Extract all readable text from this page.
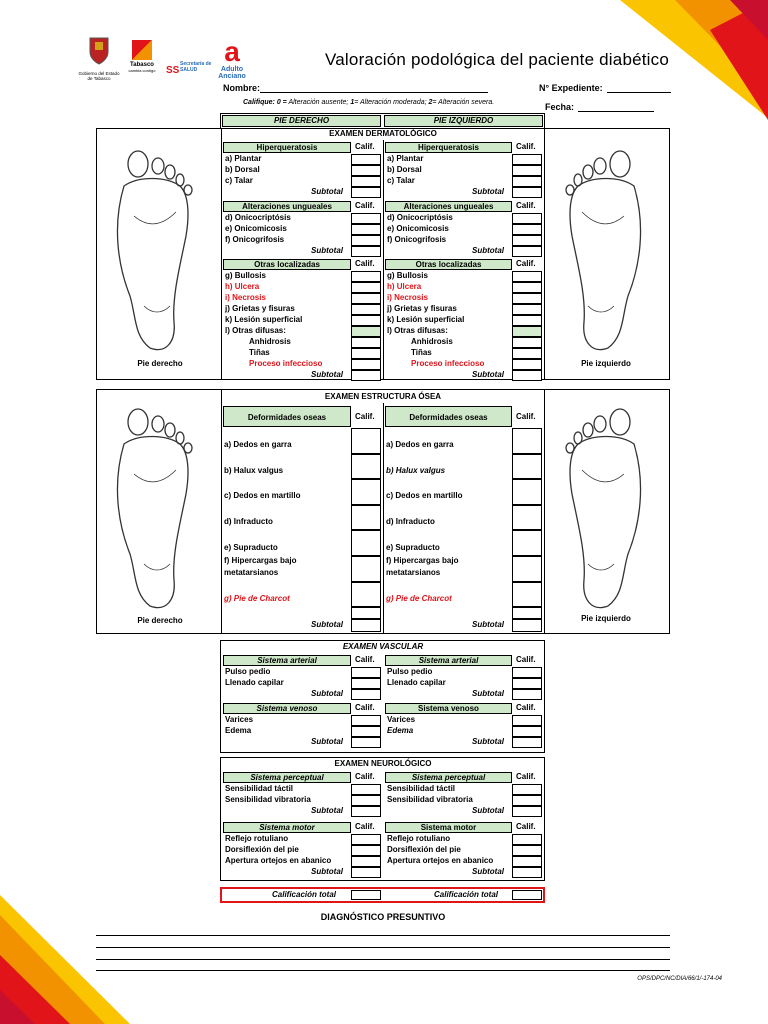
Gobierno del Estado de Tabasco
Tabasco
cambia contigo	SS
Secretaría de SALUD
a
Adulto
Anciano
Valoración podológica del paciente diabético
Nombre:	N° Expediente:
Fecha:
Califique: 0 = Alteración ausente; 1= Alteración moderada; 2= Alteración severa.
PIE DERECHO	PIE IZQUIERDO
EXAMEN DERMATOLÓGICO
Pie derecho	Pie izquierdo
Hiperqueratosis	Calif.
a) Plantar
b) Dorsal
c) Talar
Subtotal
Alteraciones ungueales	Calif.
d) Onicocriptósis
e) Onicomicosis
f) Onicogrifosis
Subtotal
Otras localizadas	Calif.
g) Bullosis
h) Ulcera
i) Necrosis
j) Grietas y fisuras
k) Lesión superficial
l) Otras difusas:
Anhidrosis
Tiñas
Proceso infeccioso
Subtotal
Hiperqueratosis	Calif.
a) Plantar
b) Dorsal
c) Talar
Subtotal
Alteraciones ungueales	Calif.
d) Onicocriptósis
e) Onicomicosis
f) Onicogrifosis
Subtotal
Otras localizadas	Calif.
g) Bullosis
h) Ulcera
i) Necrosis
j) Grietas y fisuras
k) Lesión superficial
l) Otras difusas:
Anhidrosis
Tiñas
Proceso infeccioso
Subtotal
EXAMEN ESTRUCTURA ÓSEA
Pie derecho	Pie izquierdo
Deformidades oseas	Calif.
a) Dedos en garra
b) Halux valgus
c) Dedos en martillo
d) Infraducto
e) Supraducto
f) Hipercargas bajo
metatarsianos
g) Pie de Charcot
Subtotal
Deformidades oseas	Calif.
a) Dedos en garra
b) Halux valgus
c) Dedos en martillo
d) Infraducto
e) Supraducto
f) Hipercargas bajo
metatarsianos
g) Pie de Charcot
Subtotal
EXAMEN VASCULAR
Sistema arterial	Calif.
Pulso pedio
Llenado capilar
Subtotal
Sistema venoso	Calif.
Varices
Edema
Subtotal
Sistema arterial	Calif.
Pulso pedio
Llenado capilar
Subtotal
Sistema venoso	Calif.
Varices
Edema
Subtotal
EXAMEN NEUROLÓGICO
Sistema perceptual	Calif.
Sensibilidad táctil
Sensibilidad vibratoria
Subtotal
Sistema motor	Calif.
Reflejo rotuliano
Dorsiflexión del pie
Apertura ortejos en abanico
Subtotal
Sistema perceptual	Calif.
Sensibilidad táctil
Sensibilidad vibratoria
Subtotal
Sistema motor	Calif.
Reflejo rotuliano
Dorsiflexión del pie
Apertura ortejos en abanico
Subtotal
Calificación total	Calificación total
DIAGNÓSTICO PRESUNTIVO
OPS/DPC/NC/DIA/66/1/-174-04
